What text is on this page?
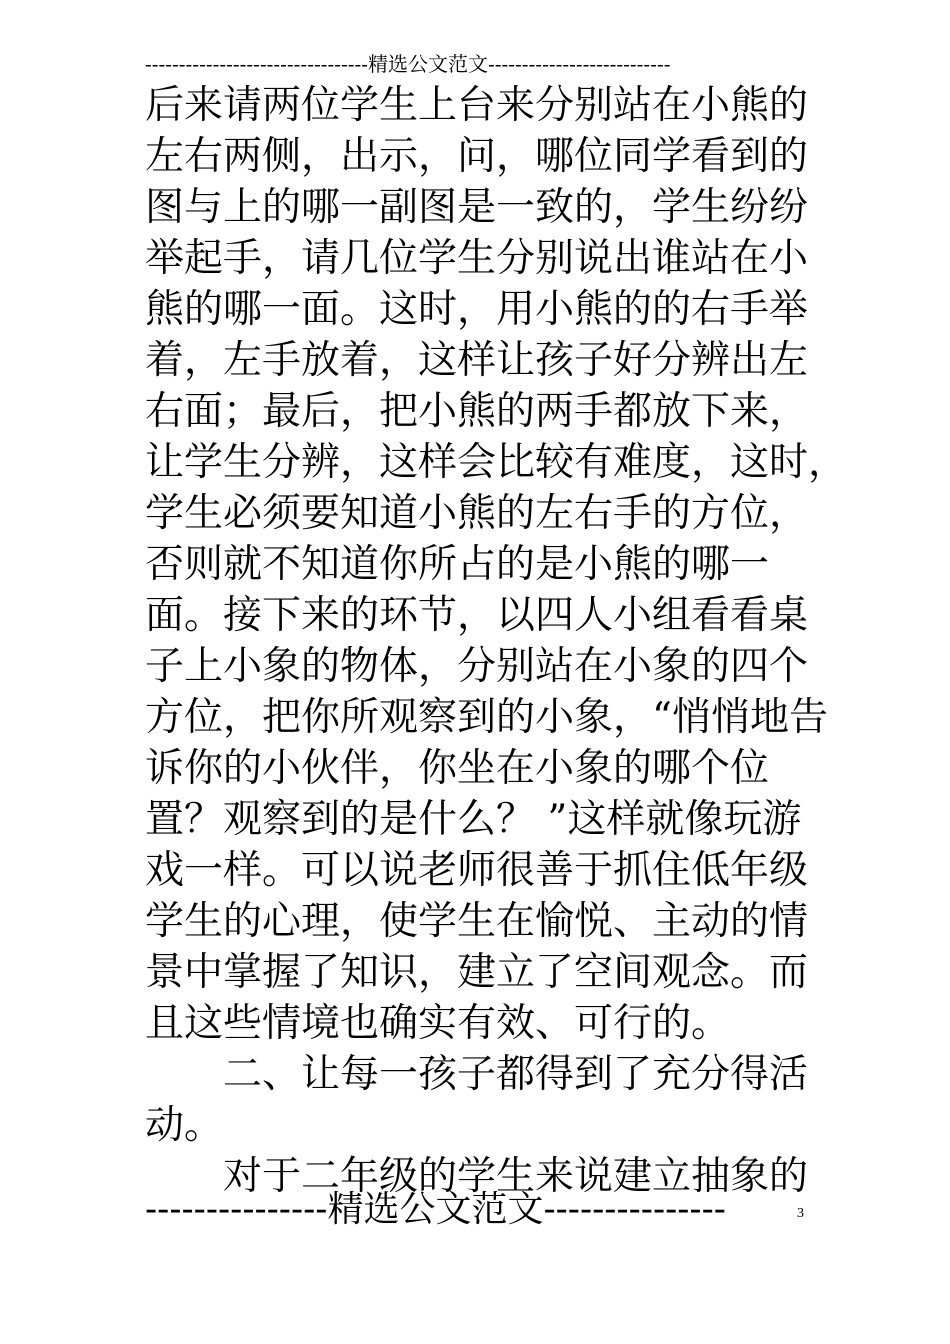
---------------------------------精选公文范文---------------------------
后来请两位学生上台来分别站在小熊的
左右两侧，出示，问，哪位同学看到的
图与上的哪一副图是一致的，学生纷纷
举起手，请几位学生分别说出谁站在小
熊的哪一面。这时，用小熊的的右手举
着，左手放着，这样让孩子好分辨出左
右面；最后，把小熊的两手都放下来，
让学生分辨，这样会比较有难度，这时，
学生必须要知道小熊的左右手的方位，
否则就不知道你所占的是小熊的哪一
面。接下来的环节，以四人小组看看桌
子上小象的物体，分别站在小象的四个
方位，把你所观察到的小象，“悄悄地告
诉你的小伙伴，你坐在小象的哪个位
置？观察到的是什么？ ”这样就像玩游
戏一样。可以说老师很善于抓住低年级
学生的心理，使学生在愉悦、主动的情
景中掌握了知识，建立了空间观念。而
且这些情境也确实有效、可行的。
二、让每一孩子都得到了充分得活
动。
对于二年级的学生来说建立抽象的
---------------精选公文范文---------------	3
